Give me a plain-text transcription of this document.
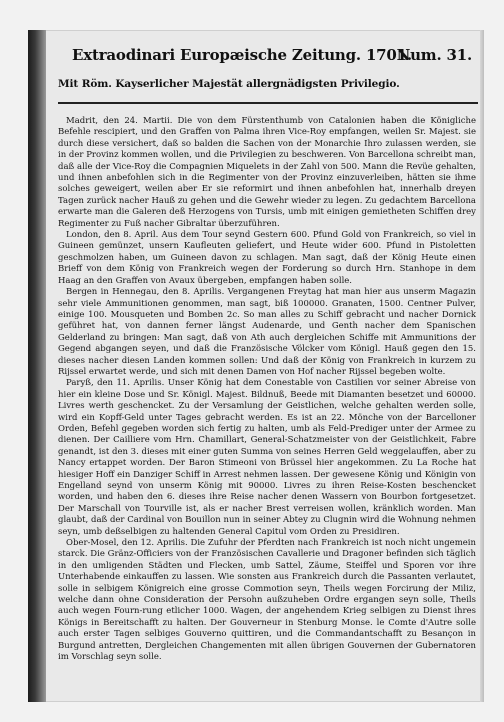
Extraodinari Europæische Zeitung. 1701.
Num. 31.
Mit Röm. Kayserlicher Majestät allergnädigsten Privilegio.

Madrit, den 24. Martii. Die von dem Fürstenthumb von Catalonien haben die Königliche Befehle rescipiert, und den Graffen von Palma ihren Vice-Roy empfangen, weilen Sr. Majest. sie durch diese versichert, daß so balden die Sachen von der Monarchie Ihro zulassen werden, sie in der Provinz kommen wollen, und die Privilegien zu beschweren. Von Barcellona schreibt man, daß alle der Vice-Roy die Compagnien Miquelets in der Zahl von 500. Mann die Revüe gehalten, und ihnen anbefohlen sich in die Regimenter von der Provinz einzuverleiben, hätten sie ihme solches geweigert, weilen aber Er sie reformirt und ihnen anbefohlen hat, innerhalb dreyen Tagen zurück nacher Hauß zu gehen und die Gewehr wieder zu legen. Zu gedachtem Barcellona erwarte man die Galeren deß Herzogens von Tursis, umb mit einigen gemietheten Schiffen drey Regimenter zu Fuß nacher Gibraltar überzuführen.

London, den 8. April. Aus dem Tour seynd Gestern 600. Pfund Gold von Frankreich, so viel in Guineen gemünzet, unsern Kaufleuten geliefert, und Heute wider 600. Pfund in Pistoletten geschmolzen haben, um Guineen davon zu schlagen. Man sagt, daß der König Heute einen Brieff von dem König von Frankreich wegen der Forderung so durch Hrn. Stanhope in dem Haag an den Graffen von Avaux übergeben, empfangen haben solle.

Bergen in Hennegau, den 8. Aprilis. Vergangenen Freytag hat man hier aus unserm Magazin sehr viele Ammunitionen genommen, man sagt, biß 100000. Granaten, 1500. Centner Pulver, einige 100. Mousqueten und Bomben 2c. So man alles zu Schiff gebracht und nacher Dornick geführet hat, von dannen ferner längst Audenarde, und Genth nacher dem Spanischen Gelderland zu bringen: Man sagt, daß von Ath auch dergleichen Schiffe mit Ammunitions der Gegend abgangen seyen, und daß die Französische Völcker vom Königl. Hauß gegen den 15. dieses nacher diesen Landen kommen sollen: Und daß der König von Frankreich in kurzem zu Rijssel erwartet werde, und sich mit denen Damen von Hof nacher Rijssel begeben wolte.

Paryß, den 11. Aprilis. Unser König hat dem Conestable von Castilien vor seiner Abreise von hier ein kleine Dose und Sr. Königl. Majest. Bildnuß, Beede mit Diamanten besetzet und 60000. Livres werth geschencket. Zu der Versamlung der Geistlichen, welche gehalten werden solle, wird ein Kopff-Geld unter Tages gebracht werden. Es ist an 22. Mönche von der Barcelloner Orden, Befehl gegeben worden sich fertig zu halten, umb als Feld-Prediger unter der Armee zu dienen. Der Cailliere vom Hrn. Chamillart, General-Schatzmeister von der Geistlichkeit, Fabre genandt, ist den 3. dieses mit einer guten Summa von seines Herren Geld weggelauffen, aber zu Nancy ertappet worden. Der Baron Stimeoni von Brüssel hier angekommen. Zu La Roche hat hiesiger Hoff ein Danziger Schiff in Arrest nehmen lassen. Der gewesene König und Königin von Engelland seynd von unserm König mit 90000. Livres zu ihren Reise-Kosten beschencket worden, und haben den 6. dieses ihre Reise nacher denen Wassern von Bourbon fortgesetzet. Der Marschall von Tourville ist, als er nacher Brest verreisen wollen, kränklich worden. Man glaubt, daß der Cardinal von Bouillon nun in seiner Abtey zu Clugnin wird die Wohnung nehmen seyn, umb deßselbigen zu haltenden General Capitul vom Orden zu Presidiren.

Ober-Mosel, den 12. Aprilis. Die Zufuhr der Pferdten nach Frankreich ist noch nicht ungemein starck. Die Gränz-Officiers von der Französischen Cavallerie und Dragoner befinden sich täglich in den umligenden Städten und Flecken, umb Sattel, Zäume, Steiffel und Sporen vor ihre Unterhabende einkauffen zu lassen. Wie sonsten aus Frankreich durch die Passanten verlautet, solle in selbigem Königreich eine grosse Commotion seyn, Theils wegen Forcirung der Miliz, welche dann ohne Consideration der Persohn außzuheben Ordre ergangen seyn solle, Theils auch wegen Fourn-rung etlicher 1000. Wagen, der angehendem Krieg selbigen zu Dienst ihres Königs in Bereitschafft zu halten. Der Gouverneur in Stenburg Monse. le Comte d'Autre solle auch erster Tagen selbiges Gouverno quittiren, und die Commandantschafft zu Besançon in Burgund antretten, Dergleichen Changementen mit allen übrigen Gouvernen der Gubernatoren im Vorschlag seyn solle.
